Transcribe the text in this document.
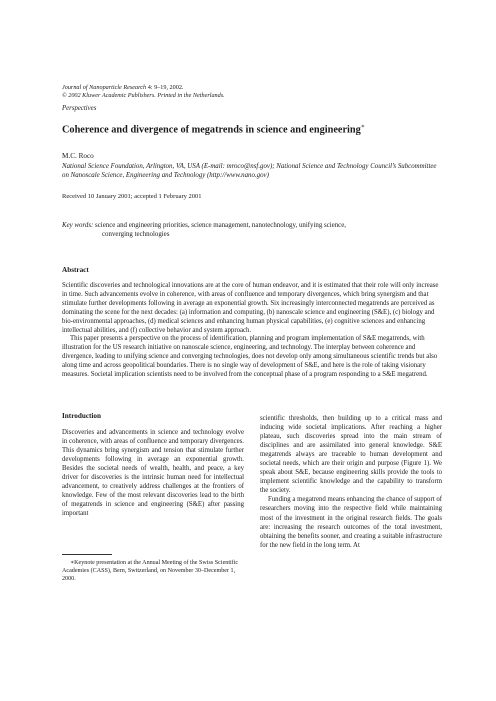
Journal of Nanoparticle Research 4: 9–19, 2002.
© 2002 Kluwer Academic Publishers. Printed in the Netherlands.
Perspectives
Coherence and divergence of megatrends in science and engineering∗
M.C. Roco
National Science Foundation, Arlington, VA, USA (E-mail: mroco@nsf.gov); National Science and Technology Council’s Subcommittee on Nanoscale Science, Engineering and Technology (http://www.nano.gov)
Received 10 January 2001; accepted 1 February 2001
Key words: science and engineering priorities, science management, nanotechnology, unifying science,
converging technologies
Abstract

Scientific discoveries and technological innovations are at the core of human endeavor, and it is estimated that their role will only increase in time. Such advancements evolve in coherence, with areas of confluence and temporary divergences, which bring synergism and that stimulate further developments following in average an exponential growth. Six increasingly interconnected megatrends are perceived as dominating the scene for the next decades: (a) information and computing, (b) nanoscale science and engineering (S&E), (c) biology and bio-environmental approaches, (d) medical sciences and enhancing human physical capabilities, (e) cognitive sciences and enhancing intellectual abilities, and (f) collective behavior and system approach.

This paper presents a perspective on the process of identification, planning and program implementation of S&E megatrends, with illustration for the US research initiative on nanoscale science, engineering, and technology. The interplay between coherence and divergence, leading to unifying science and converging technologies, does not develop only among simultaneous scientific trends but also along time and across geopolitical boundaries. There is no single way of development of S&E, and here is the role of taking visionary measures. Societal implication scientists need to be involved from the conceptual phase of a program responding to a S&E megatrend.

Introduction

Discoveries and advancements in science and technology evolve in coherence, with areas of confluence and temporary divergences. This dynamics bring synergism and tension that stimulate further developments following in average an exponential growth. Besides the societal needs of wealth, health, and peace, a key driver for discoveries is the intrinsic human need for intellectual advancement, to creatively address challenges at the frontiers of knowledge. Few of the most relevant discoveries lead to the birth of megatrends in science and engineering (S&E) after passing important

scientific thresholds, then building up to a critical mass and inducing wide societal implications. After reaching a higher plateau, such discoveries spread into the main stream of disciplines and are assimilated into general knowledge. S&E megatrends always are traceable to human development and societal needs, which are their origin and purpose (Figure 1). We speak about S&E, because engineering skills provide the tools to implement scientific knowledge and the capability to transform the society.

Funding a megatrend means enhancing the chance of support of researchers moving into the respective field while maintaining most of the investment in the original research fields. The goals are: increasing the research outcomes of the total investment, obtaining the benefits sooner, and creating a suitable infrastructure for the new field in the long term. At

∗Keynote presentation at the Annual Meeting of the Swiss Scientific Academies (CASS), Bern, Switzerland, on November 30–December 1, 2000.
